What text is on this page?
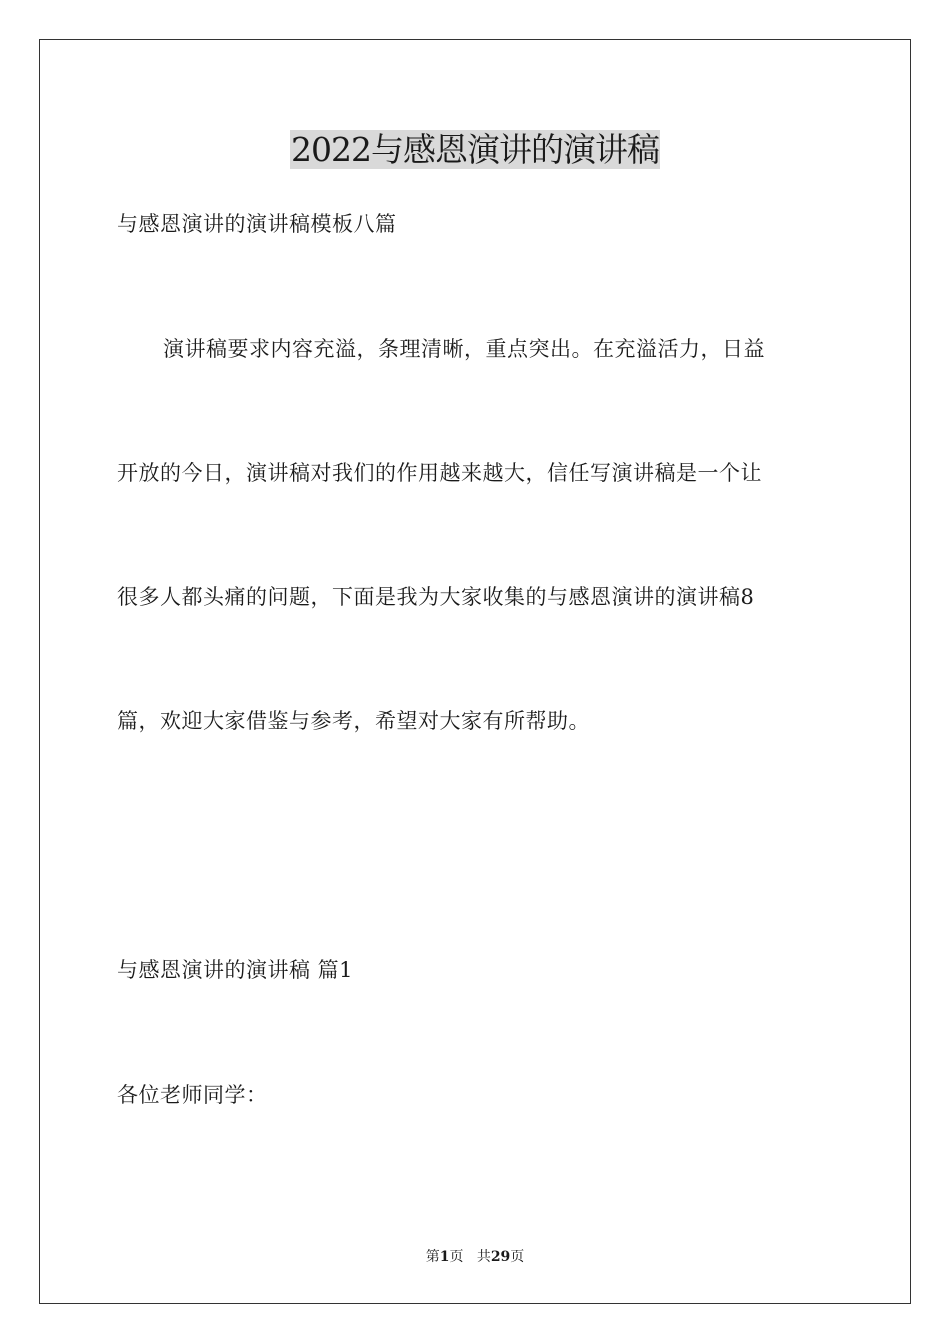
2022与感恩演讲的演讲稿
与感恩演讲的演讲稿模板八篇
演讲稿要求内容充溢，条理清晰，重点突出。在充溢活力，日益
开放的今日，演讲稿对我们的作用越来越大，信任写演讲稿是一个让
很多人都头痛的问题，下面是我为大家收集的与感恩演讲的演讲稿8
篇，欢迎大家借鉴与参考，希望对大家有所帮助。
与感恩演讲的演讲稿 篇1
各位老师同学：
第1页 共29页
